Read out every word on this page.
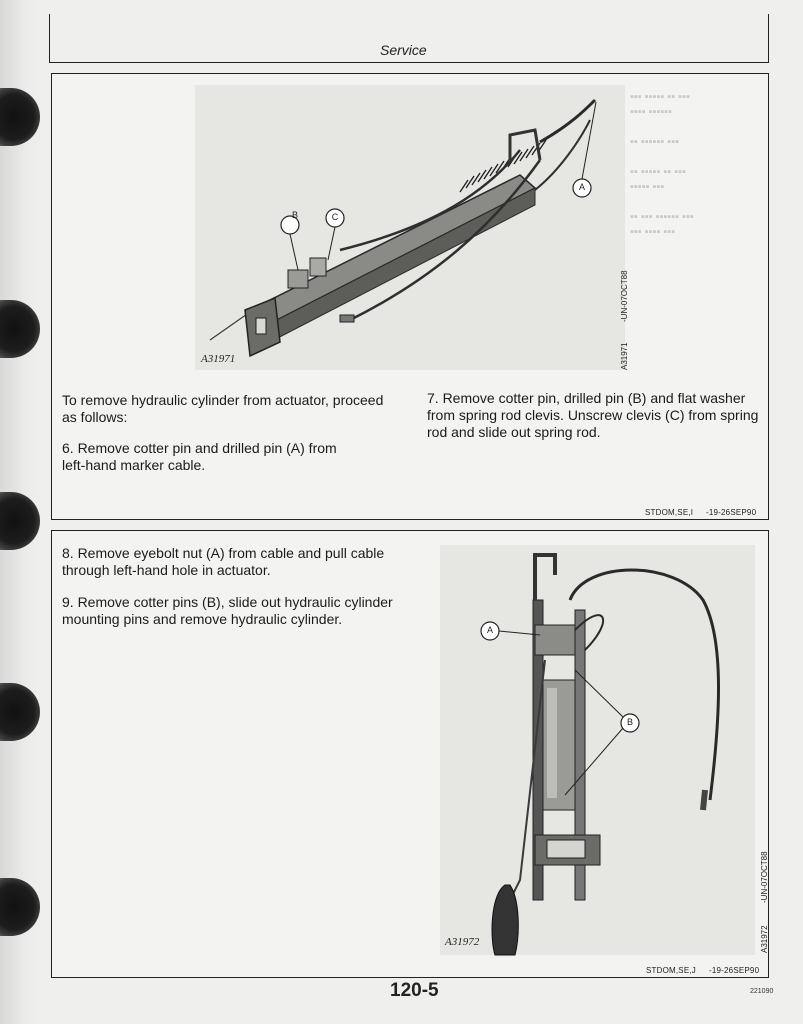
Service
▪▪▪ ▪▪▪▪▪ ▪▪ ▪▪▪
▪▪▪▪ ▪▪▪▪▪▪

▪▪ ▪▪▪▪▪▪ ▪▪▪

▪▪ ▪▪▪▪▪ ▪▪ ▪▪▪
▪▪▪▪▪ ▪▪▪

▪▪ ▪▪▪ ▪▪▪▪▪▪ ▪▪▪
▪▪▪ ▪▪▪▪ ▪▪▪
B	C
A
A31971
-UN-07OCT88
A31971
To remove hydraulic cylinder from actuator, proceed as follows:
6. Remove cotter pin and drilled pin (A) from left-hand marker cable.
7. Remove cotter pin, drilled pin (B) and flat washer from spring rod clevis. Unscrew clevis (C) from spring rod and slide out spring rod.
STDOM,SE,I -19-26SEP90
8. Remove eyebolt nut (A) from cable and pull cable through left-hand hole in actuator.
9. Remove cotter pins (B), slide out hydraulic cylinder mounting pins and remove hydraulic cylinder.
A
B
A31972
-UN-07OCT88
A31972
STDOM,SE,J -19-26SEP90
120-5	221090
